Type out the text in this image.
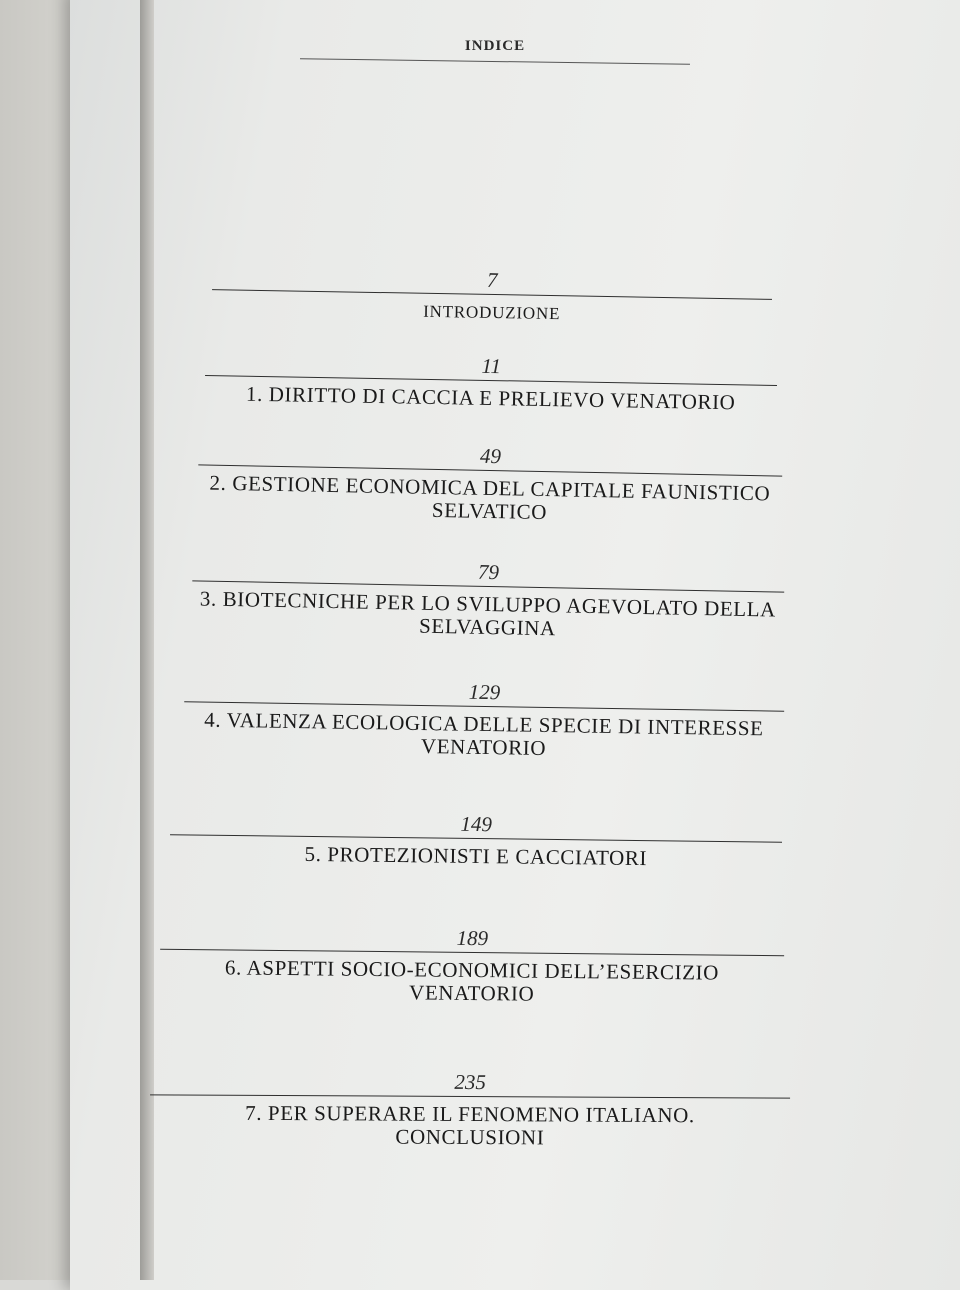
INDICE
7
INTRODUZIONE
11
1. DIRITTO DI CACCIA E PRELIEVO VENATORIO
49
2. GESTIONE ECONOMICA DEL CAPITALE FAUNISTICO
SELVATICO
79
3. BIOTECNICHE PER LO SVILUPPO AGEVOLATO DELLA
SELVAGGINA
129
4. VALENZA ECOLOGICA DELLE SPECIE DI INTERESSE
VENATORIO
149
5. PROTEZIONISTI E CACCIATORI
189
6. ASPETTI SOCIO-ECONOMICI DELL’ESERCIZIO
VENATORIO
235
7. PER SUPERARE IL FENOMENO ITALIANO.
CONCLUSIONI
